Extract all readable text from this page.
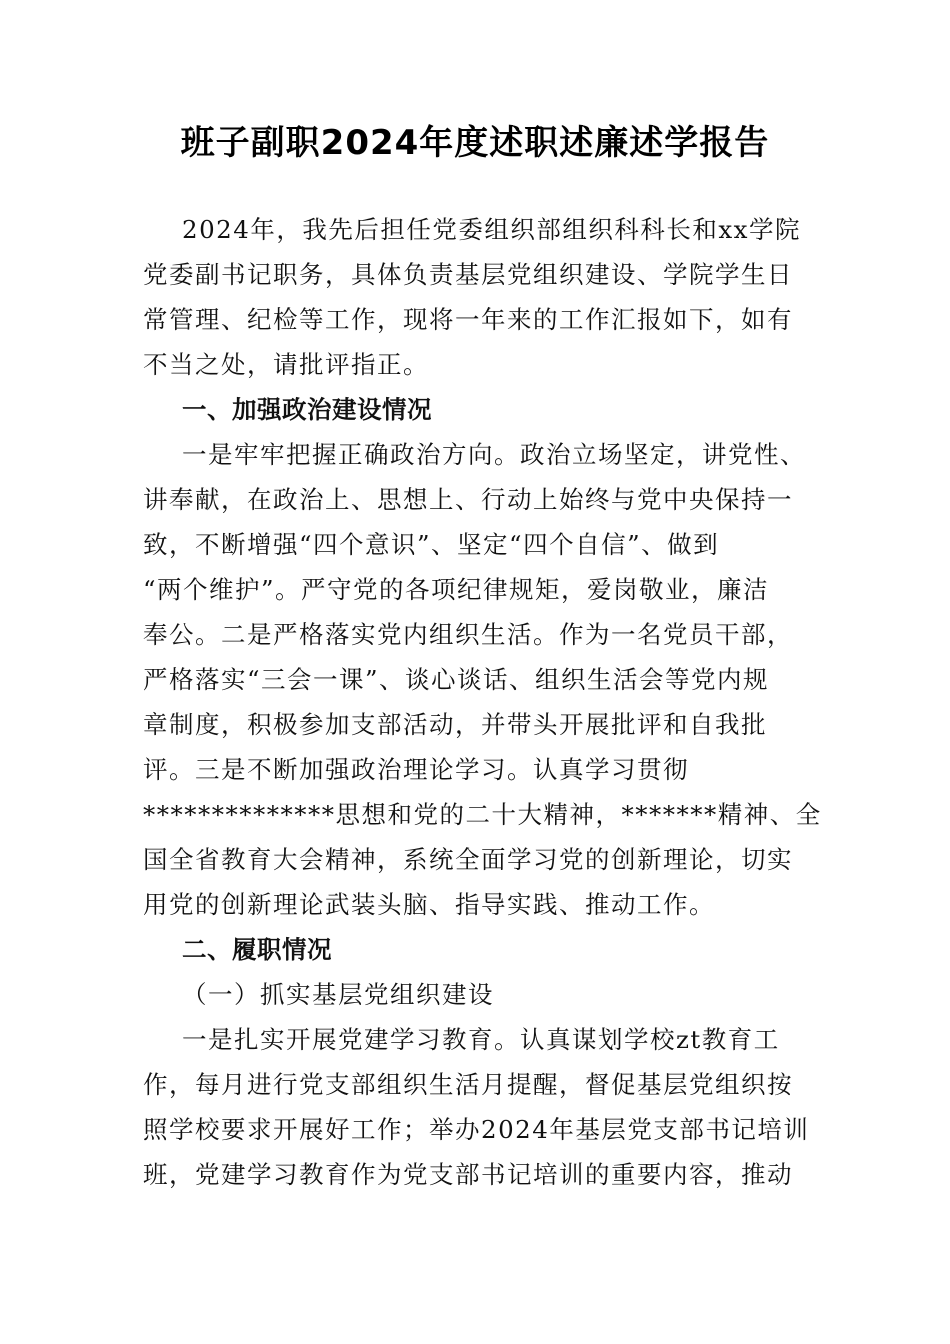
班子副职2024年度述职述廉述学报告
2024年，我先后担任党委组织部组织科科长和xx学院
党委副书记职务，具体负责基层党组织建设、学院学生日
常管理、纪检等工作，现将一年来的工作汇报如下，如有
不当之处，请批评指正。
一、加强政治建设情况
一是牢牢把握正确政治方向。政治立场坚定，讲党性、
讲奉献，在政治上、思想上、行动上始终与党中央保持一
致，不断增强“四个意识”、坚定“四个自信”、做到
“两个维护”。严守党的各项纪律规矩，爱岗敬业，廉洁
奉公。二是严格落实党内组织生活。作为一名党员干部，
严格落实“三会一课”、谈心谈话、组织生活会等党内规
章制度，积极参加支部活动，并带头开展批评和自我批
评。三是不断加强政治理论学习。认真学习贯彻
**************思想和党的二十大精神，*******精神、全
国全省教育大会精神，系统全面学习党的创新理论，切实
用党的创新理论武装头脑、指导实践、推动工作。
二、履职情况
（一）抓实基层党组织建设
一是扎实开展党建学习教育。认真谋划学校zt教育工
作，每月进行党支部组织生活月提醒，督促基层党组织按
照学校要求开展好工作；举办2024年基层党支部书记培训
班，党建学习教育作为党支部书记培训的重要内容，推动
